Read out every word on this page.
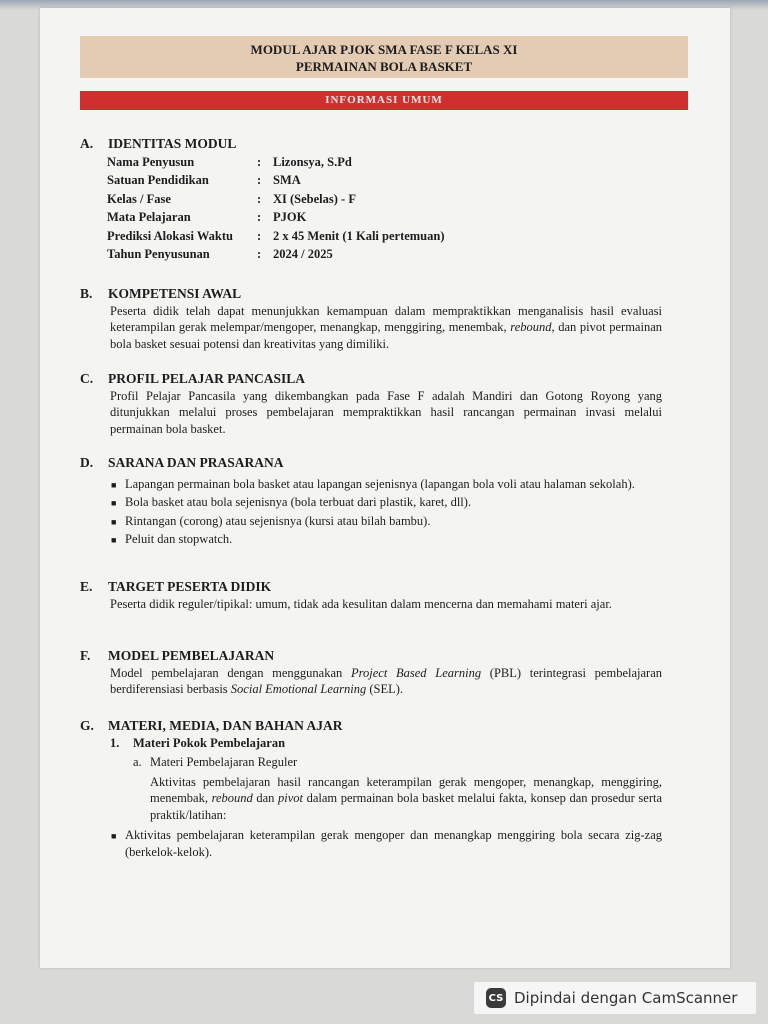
MODUL AJAR PJOK SMA FASE F KELAS XI
PERMAINAN BOLA BASKET
INFORMASI UMUM
A.	IDENTITAS MODUL
Nama Penyusun	: Lizonsya, S.Pd
Satuan Pendidikan	: SMA
Kelas / Fase	: XI (Sebelas) - F
Mata Pelajaran	: PJOK
Prediksi Alokasi Waktu	: 2 x 45 Menit (1 Kali pertemuan)
Tahun Penyusunan	: 2024 / 2025
B.	KOMPETENSI AWAL
Peserta didik telah dapat menunjukkan kemampuan dalam mempraktikkan menganalisis hasil evaluasi keterampilan gerak melempar/mengoper, menangkap, menggiring, menembak, rebound, dan pivot permainan bola basket sesuai potensi dan kreativitas yang dimiliki.
C.	PROFIL PELAJAR PANCASILA
Profil Pelajar Pancasila yang dikembangkan pada Fase F adalah Mandiri dan Gotong Royong yang ditunjukkan melalui proses pembelajaran mempraktikkan hasil rancangan permainan invasi melalui permainan bola basket.
D.	SARANA DAN PRASARANA
■ Lapangan permainan bola basket atau lapangan sejenisnya (lapangan bola voli atau halaman sekolah).
■ Bola basket atau bola sejenisnya (bola terbuat dari plastik, karet, dll).
■ Rintangan (corong) atau sejenisnya (kursi atau bilah bambu).
■ Peluit dan stopwatch.
E.	TARGET PESERTA DIDIK
Peserta didik reguler/tipikal: umum, tidak ada kesulitan dalam mencerna dan memahami materi ajar.
F.	MODEL PEMBELAJARAN
Model pembelajaran dengan menggunakan Project Based Learning (PBL) terintegrasi pembelajaran berdiferensiasi berbasis Social Emotional Learning (SEL).
G.	MATERI, MEDIA, DAN BAHAN AJAR
1.	Materi Pokok Pembelajaran
a. Materi Pembelajaran Reguler
Aktivitas pembelajaran hasil rancangan keterampilan gerak mengoper, menangkap, menggiring, menembak, rebound dan pivot dalam permainan bola basket melalui fakta, konsep dan prosedur serta praktik/latihan:
■ Aktivitas pembelajaran keterampilan gerak mengoper dan menangkap menggiring bola secara zig-zag (berkelok-kelok).
CS Dipindai dengan CamScanner
